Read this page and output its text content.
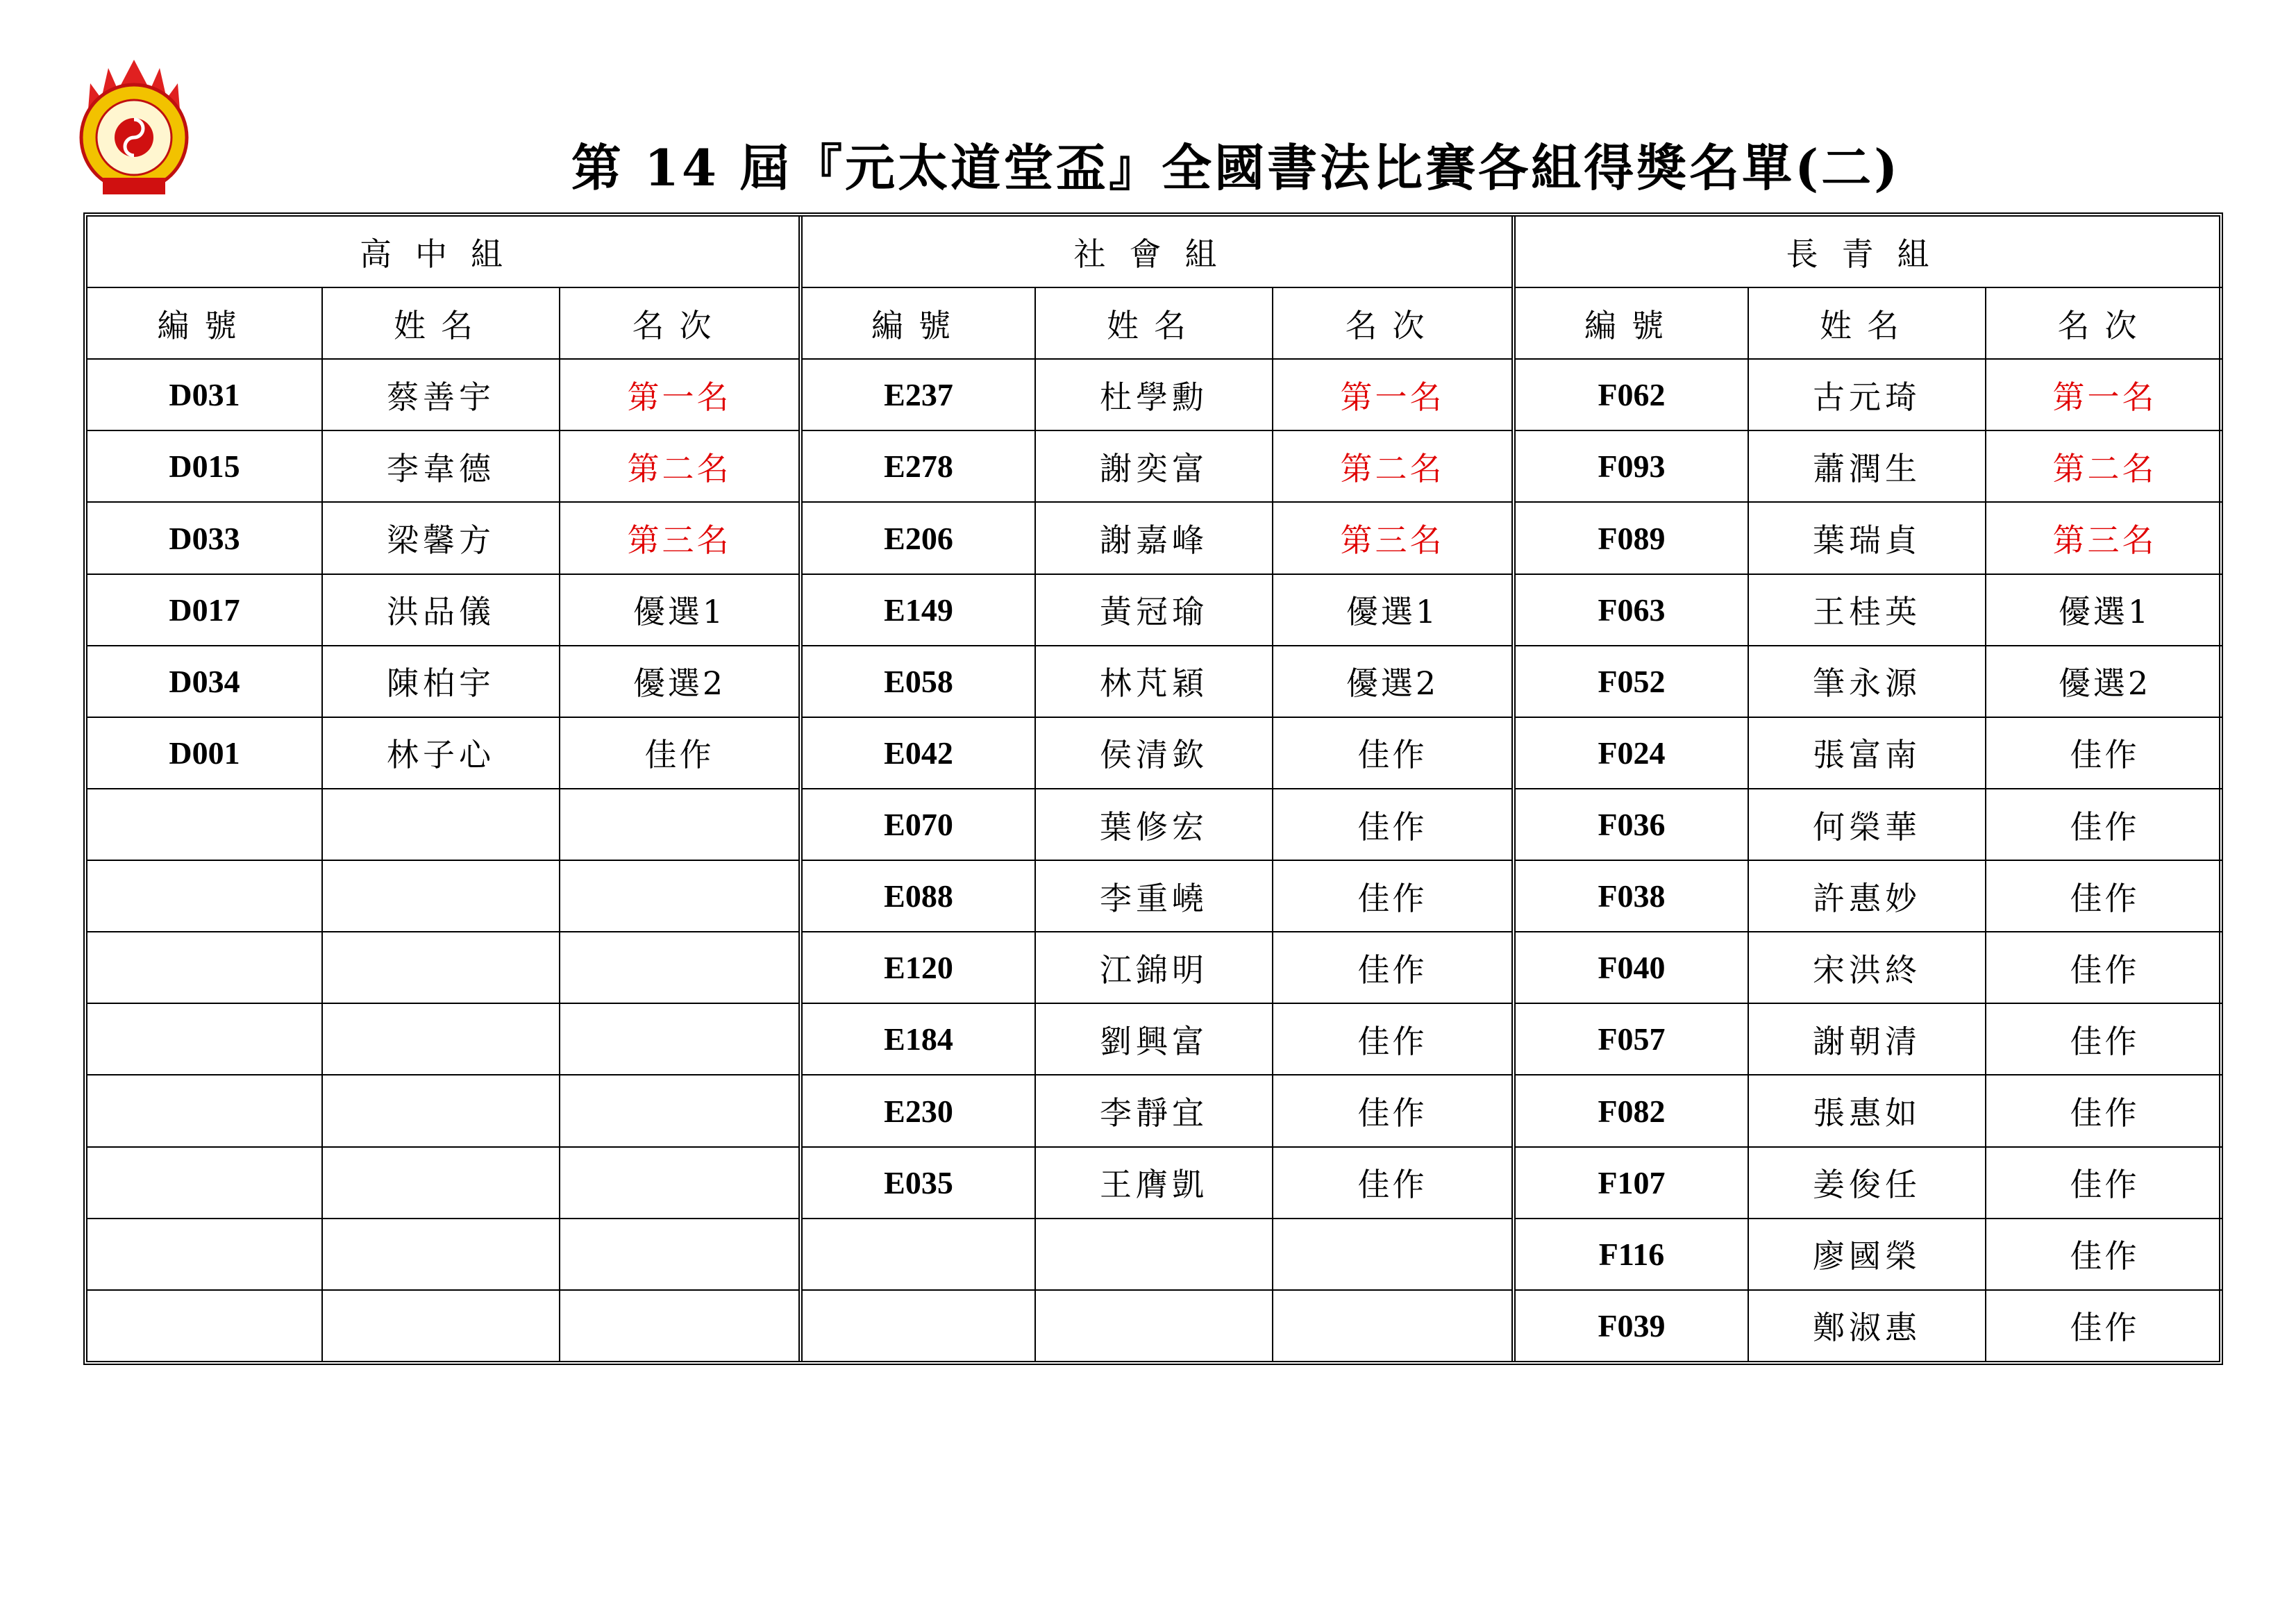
第 14 屆『元太道堂盃』全國書法比賽各組得獎名單(二)
高中組		
編號	姓名	名次
D031	蔡善宇	第一名
D015	李韋德	第二名
D033	梁馨方	第三名
D017	洪品儀	優選1
D034	陳柏宇	優選2
D001	林子心	佳作

社會組		
編號	姓名	名次
E237	杜學勳	第一名
E278	謝奕富	第二名
E206	謝嘉峰	第三名
E149	黃冠瑜	優選1
E058	林芃穎	優選2
E042	侯清欽	佳作
E070	葉修宏	佳作
E088	李重嶢	佳作
E120	江錦明	佳作
E184	劉興富	佳作
E230	李靜宜	佳作
E035	王膺凱	佳作

長青組		
編號	姓名	名次
F062	古元琦	第一名
F093	蕭潤生	第二名
F089	葉瑞貞	第三名
F063	王桂英	優選1
F052	筆永源	優選2
F024	張富南	佳作
F036	何榮華	佳作
F038	許惠妙	佳作
F040	宋洪終	佳作
F057	謝朝清	佳作
F082	張惠如	佳作
F107	姜俊任	佳作
F116	廖國榮	佳作
F039	鄭淑惠	佳作
